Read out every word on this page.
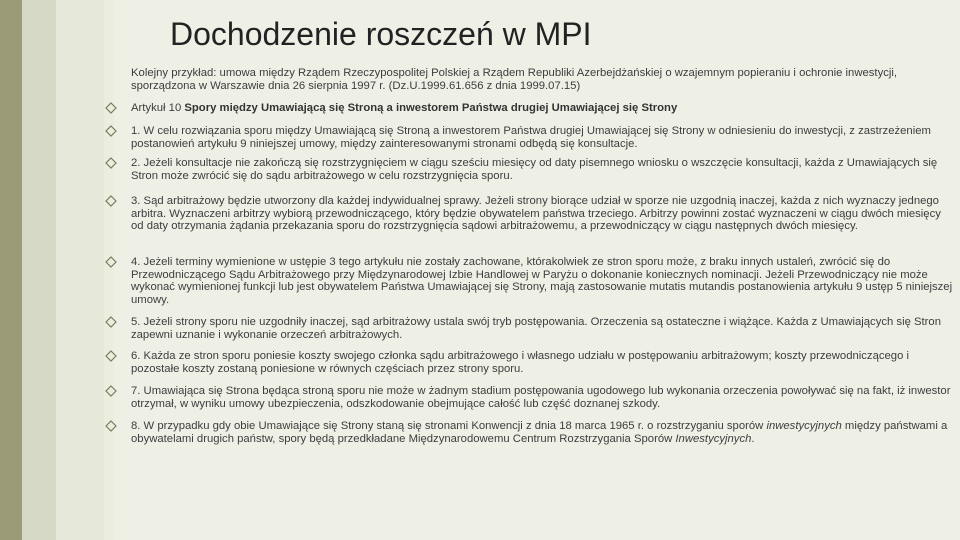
Dochodzenie roszczeń w MPI
Kolejny przykład: umowa między Rządem Rzeczypospolitej Polskiej a Rządem Republiki Azerbejdżańskiej o wzajemnym popieraniu i ochronie inwestycji, sporządzona w Warszawie dnia 26 sierpnia 1997 r. (Dz.U.1999.61.656 z dnia 1999.07.15)
Artykuł 10 Spory między Umawiającą się Stroną a inwestorem Państwa drugiej Umawiającej się Strony
1. W celu rozwiązania sporu między Umawiającą się Stroną a inwestorem Państwa drugiej Umawiającej się Strony w odniesieniu do inwestycji, z zastrzeżeniem postanowień artykułu 9 niniejszej umowy, między zainteresowanymi stronami odbędą się konsultacje.
2. Jeżeli konsultacje nie zakończą się rozstrzygnięciem w ciągu sześciu miesięcy od daty pisemnego wniosku o wszczęcie konsultacji, każda z Umawiających się Stron może zwrócić się do sądu arbitrażowego w celu rozstrzygnięcia sporu.
3. Sąd arbitrażowy będzie utworzony dla każdej indywidualnej sprawy. Jeżeli strony biorące udział w sporze nie uzgodnią inaczej, każda z nich wyznaczy jednego arbitra. Wyznaczeni arbitrzy wybiorą przewodniczącego, który będzie obywatelem państwa trzeciego. Arbitrzy powinni zostać wyznaczeni w ciągu dwóch miesięcy od daty otrzymania żądania przekazania sporu do rozstrzygnięcia sądowi arbitrażowemu, a przewodniczący w ciągu następnych dwóch miesięcy.
4. Jeżeli terminy wymienione w ustępie 3 tego artykułu nie zostały zachowane, którakolwiek ze stron sporu może, z braku innych ustaleń, zwrócić się do Przewodniczącego Sądu Arbitrażowego przy Międzynarodowej Izbie Handlowej w Paryżu o dokonanie koniecznych nominacji. Jeżeli Przewodniczący nie może wykonać wymienionej funkcji lub jest obywatelem Państwa Umawiającej się Strony, mają zastosowanie mutatis mutandis postanowienia artykułu 9 ustęp 5 niniejszej umowy.
5. Jeżeli strony sporu nie uzgodniły inaczej, sąd arbitrażowy ustala swój tryb postępowania. Orzeczenia są ostateczne i wiążące. Każda z Umawiających się Stron zapewni uznanie i wykonanie orzeczeń arbitrażowych.
6. Każda ze stron sporu poniesie koszty swojego członka sądu arbitrażowego i własnego udziału w postępowaniu arbitrażowym; koszty przewodniczącego i pozostałe koszty zostaną poniesione w równych częściach przez strony sporu.
7. Umawiająca się Strona będąca stroną sporu nie może w żadnym stadium postępowania ugodowego lub wykonania orzeczenia powoływać się na fakt, iż inwestor otrzymał, w wyniku umowy ubezpieczenia, odszkodowanie obejmujące całość lub część doznanej szkody.
8. W przypadku gdy obie Umawiające się Strony staną się stronami Konwencji z dnia 18 marca 1965 r. o rozstrzyganiu sporów inwestycyjnych między państwami a obywatelami drugich państw, spory będą przedkładane Międzynarodowemu Centrum Rozstrzygania Sporów Inwestycyjnych.
